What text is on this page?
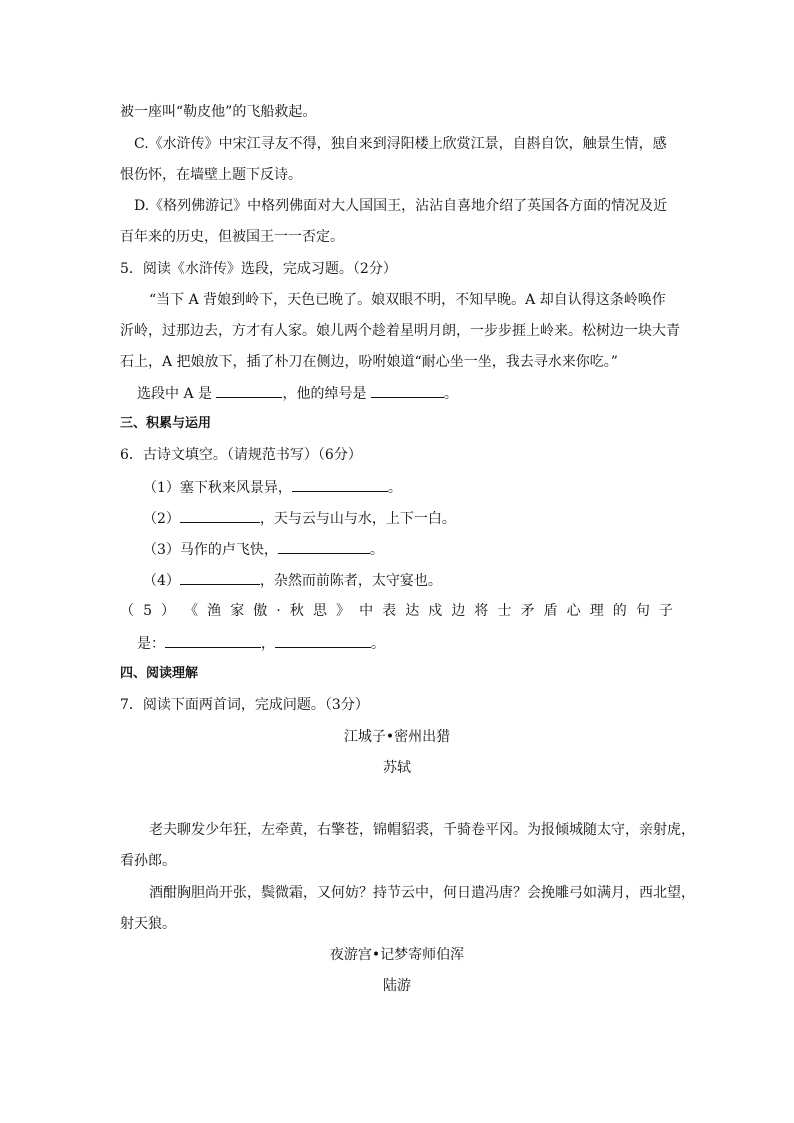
被一座叫“勒皮他”的飞船救起。
C.《水浒传》中宋江寻友不得，独自来到浔阳楼上欣赏江景，自斟自饮，触景生情，感
恨伤怀，在墙壁上题下反诗。
D.《格列佛游记》中格列佛面对大人国国王，沾沾自喜地介绍了英国各方面的情况及近
百年来的历史，但被国王一一否定。
5．阅读《水浒传》选段，完成习题。（2分）
“当下 A 背娘到岭下，天色已晚了。娘双眼不明，不知早晚。A 却自认得这条岭唤作
沂岭，过那边去，方才有人家。娘儿两个趁着星明月朗，一步步捱上岭来。松树边一块大青
石上，A 把娘放下，插了朴刀在侧边，吩咐娘道“耐心坐一坐，我去寻水来你吃。”
选段中 A 是	，他的绰号是	。
三、积累与运用
6．古诗文填空。（请规范书写）（6分）
（1）塞下秋来风景异，	。
（2）	，天与云与山与水，上下一白。
（3）马作的卢飞快，	。
（4）	，杂然而前陈者，太守宴也。
（ 5 ） 《 渔 家 傲 · 秋 思 》 中 表 达 戍 边 将 士 矛 盾 心 理 的 句 子
是：	，	。
四、阅读理解
7．阅读下面两首词，完成问题。（3分）
江城子•密州出猎
苏轼
老夫聊发少年狂，左牵黄，右擎苍，锦帽貂裘，千骑卷平冈。为报倾城随太守，亲射虎，
看孙郎。
酒酣胸胆尚开张，鬓微霜，又何妨？持节云中，何日遣冯唐？会挽雕弓如满月，西北望，
射天狼。
夜游宫•记梦寄师伯浑
陆游
